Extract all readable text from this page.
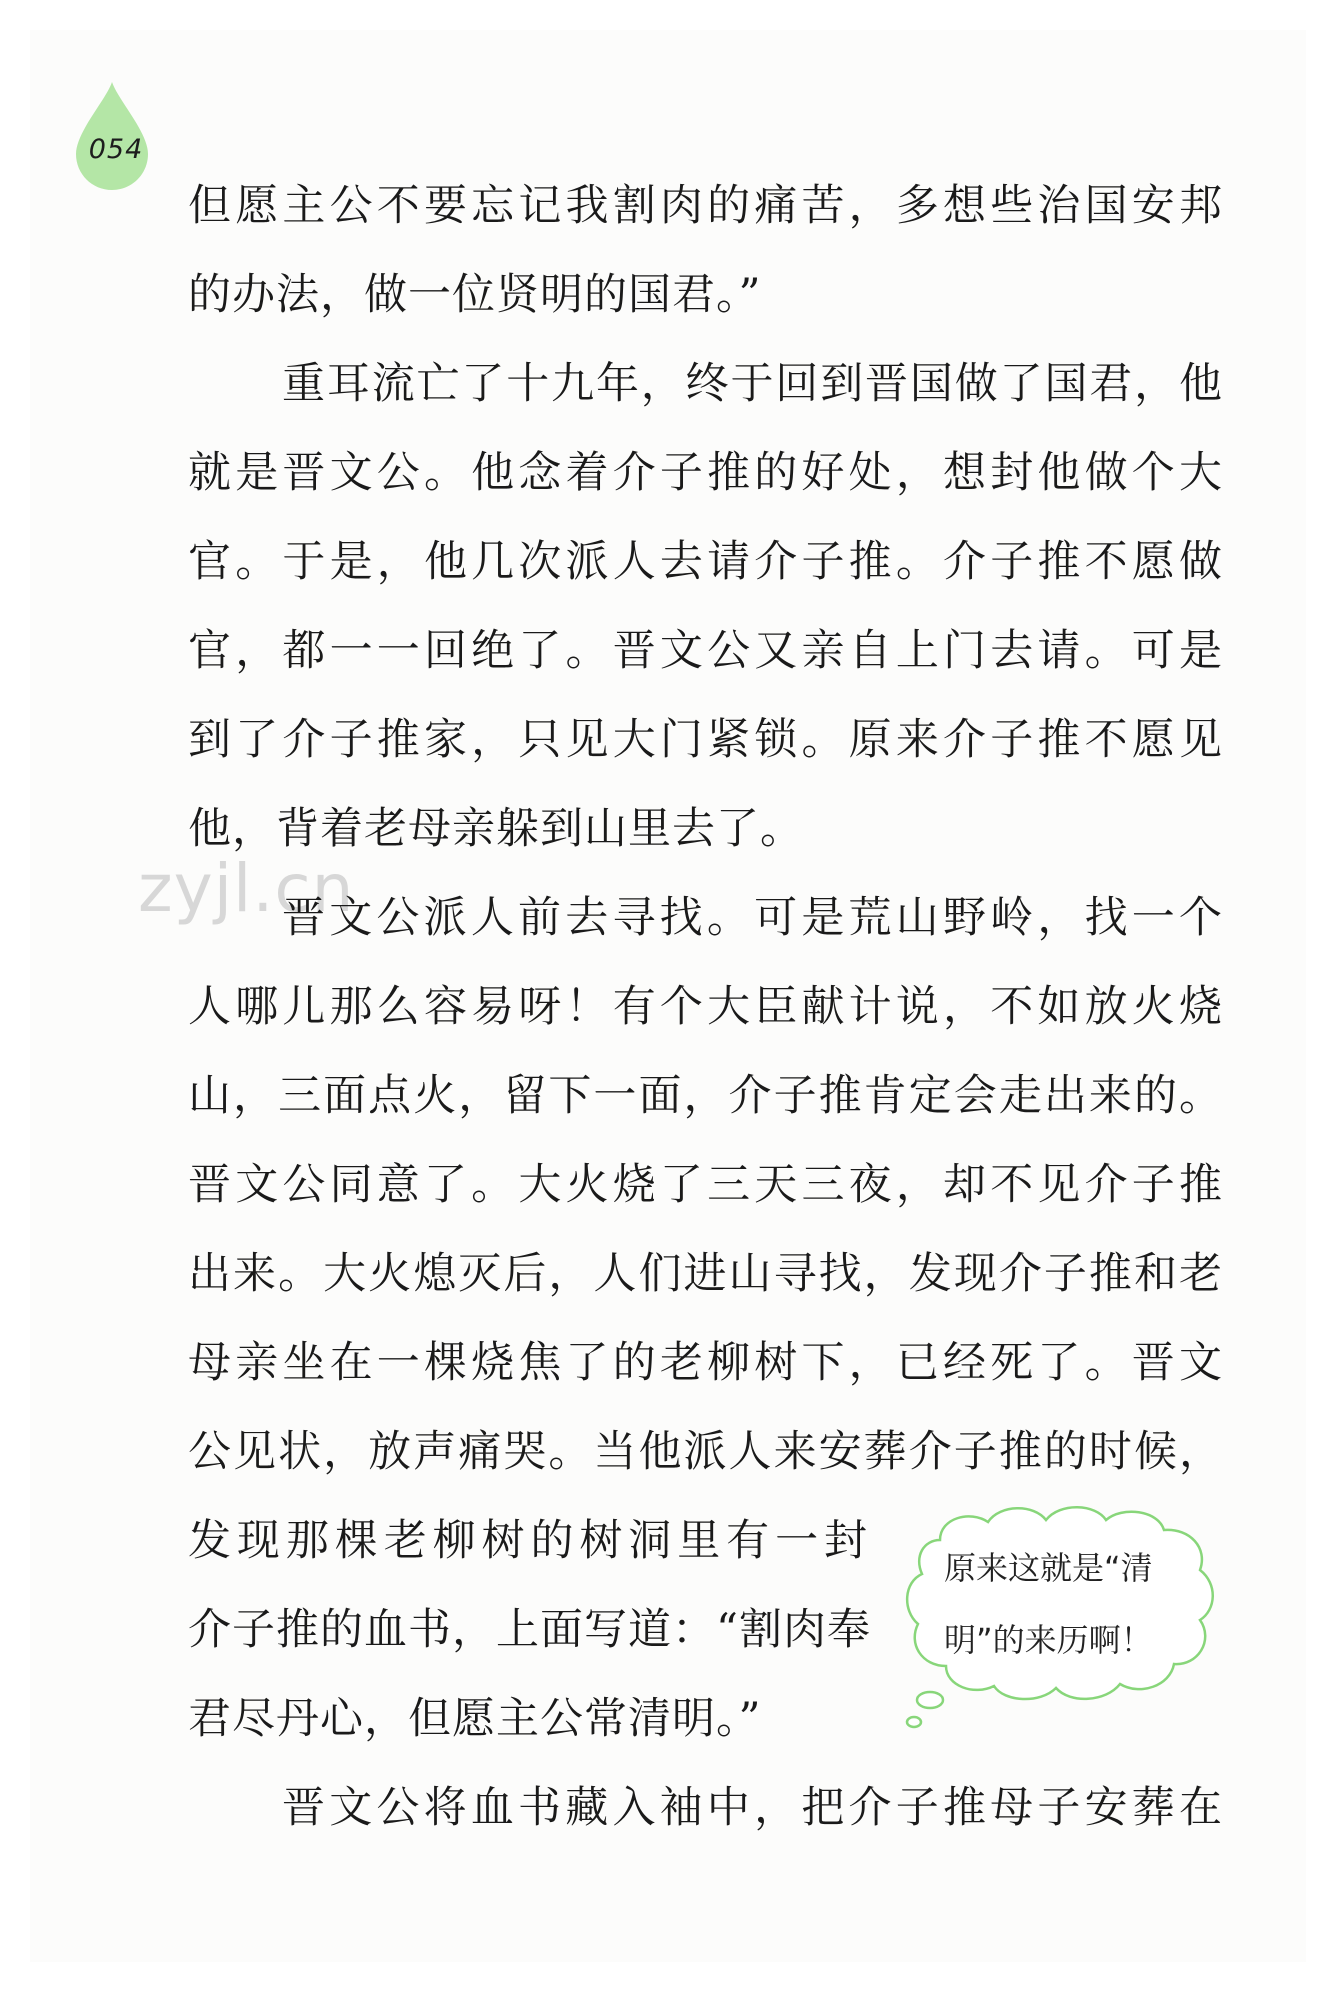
054
zyjl.cn
但愿主公不要忘记我割肉的痛苦，多想些治国安邦
的办法，做一位贤明的国君。”
重耳流亡了十九年，终于回到晋国做了国君，他
就是晋文公。他念着介子推的好处，想封他做个大
官。于是，他几次派人去请介子推。介子推不愿做
官，都一一回绝了。晋文公又亲自上门去请。可是
到了介子推家，只见大门紧锁。原来介子推不愿见
他，背着老母亲躲到山里去了。
晋文公派人前去寻找。可是荒山野岭，找一个
人哪儿那么容易呀！有个大臣献计说，不如放火烧
山，三面点火，留下一面，介子推肯定会走出来的。
晋文公同意了。大火烧了三天三夜，却不见介子推
出来。大火熄灭后，人们进山寻找，发现介子推和老
母亲坐在一棵烧焦了的老柳树下，已经死了。晋文
公见状，放声痛哭。当他派人来安葬介子推的时候，
发现那棵老柳树的树洞里有一封
介子推的血书，上面写道：“割肉奉
君尽丹心，但愿主公常清明。”
晋文公将血书藏入袖中，把介子推母子安葬在
原来这就是“清
明”的来历啊！
